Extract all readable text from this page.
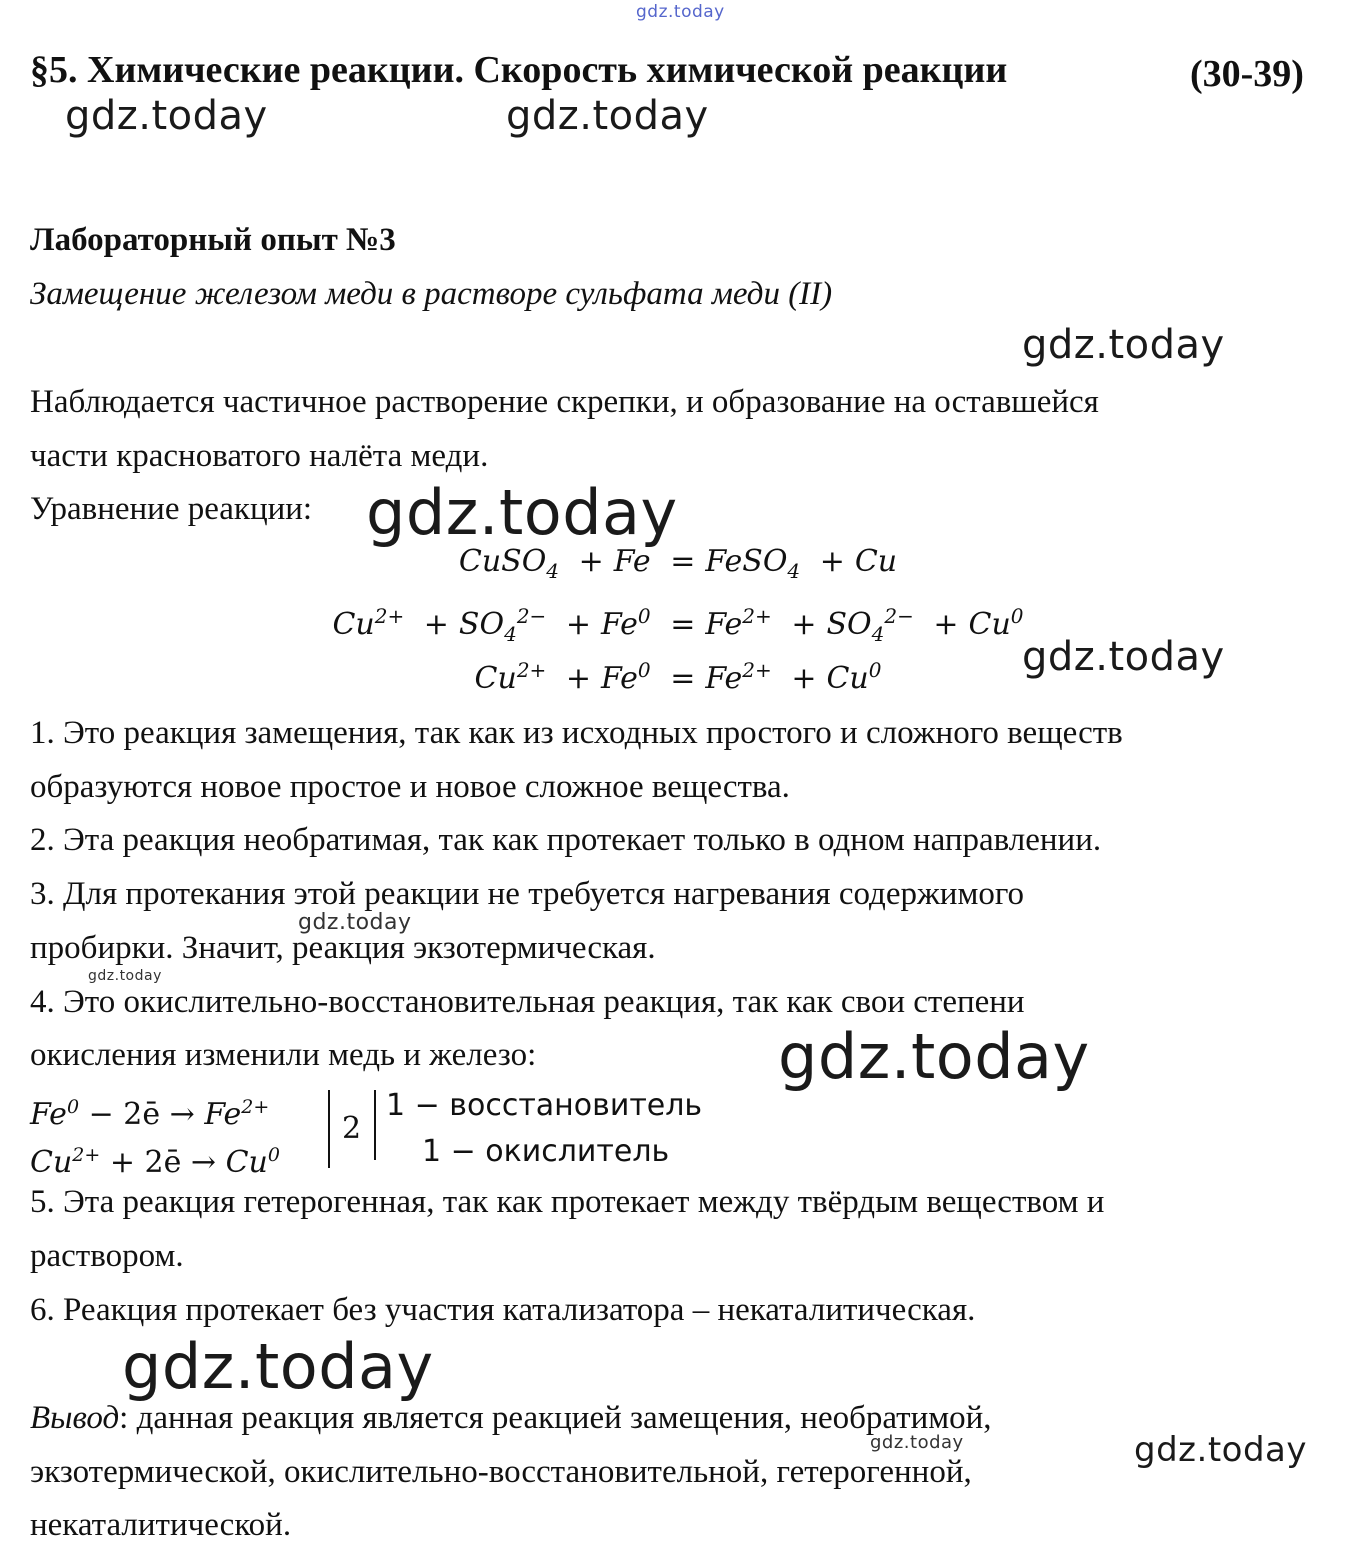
gdz.today
gdz.today	gdz.today
gdz.today
gdz.today
gdz.today
gdz.today
gdz.today
gdz.today
gdz.today
gdz.today	gdz.today
§5. Химические реакции. Скорость химической реакции	(30-39)
Лабораторный опыт №3
Замещение железом меди в растворе сульфата меди (II)
Наблюдается частичное растворение скрепки, и образование на оставшейся
части красноватого налёта меди.
Уравнение реакции:
CuSO$_4$ + Fe = FeSO$_4$ + Cu
$Cu^{2+} + SO_4^{2-} + Fe^0 = Fe^{2+} + SO_4^{2-} + Cu^0$
$Cu^{2+} + Fe^0 = Fe^{2+} + Cu^0$
1. Это реакция замещения, так как из исходных простого и сложного веществ
образуются новое простое и новое сложное вещества.
2. Эта реакция необратимая, так как протекает только в одном направлении.
3. Для протекания этой реакции не требуется нагревания содержимого
пробирки. Значит, реакция экзотермическая.
4. Это окислительно-восстановительная реакция, так как свои степени
окисления изменили медь и железо:
$Fe^0$ − 2ē → $Fe^{2+}$
$Cu^{2+}$ + 2ē → $Cu^0$
2
1 − восстановитель
1 − окислитель
5. Эта реакция гетерогенная, так как протекает между твёрдым веществом и
раствором.
6. Реакция протекает без участия катализатора – некаталитическая.
Вывод: данная реакция является реакцией замещения, необратимой,
экзотермической, окислительно-восстановительной, гетерогенной,
некаталитической.
